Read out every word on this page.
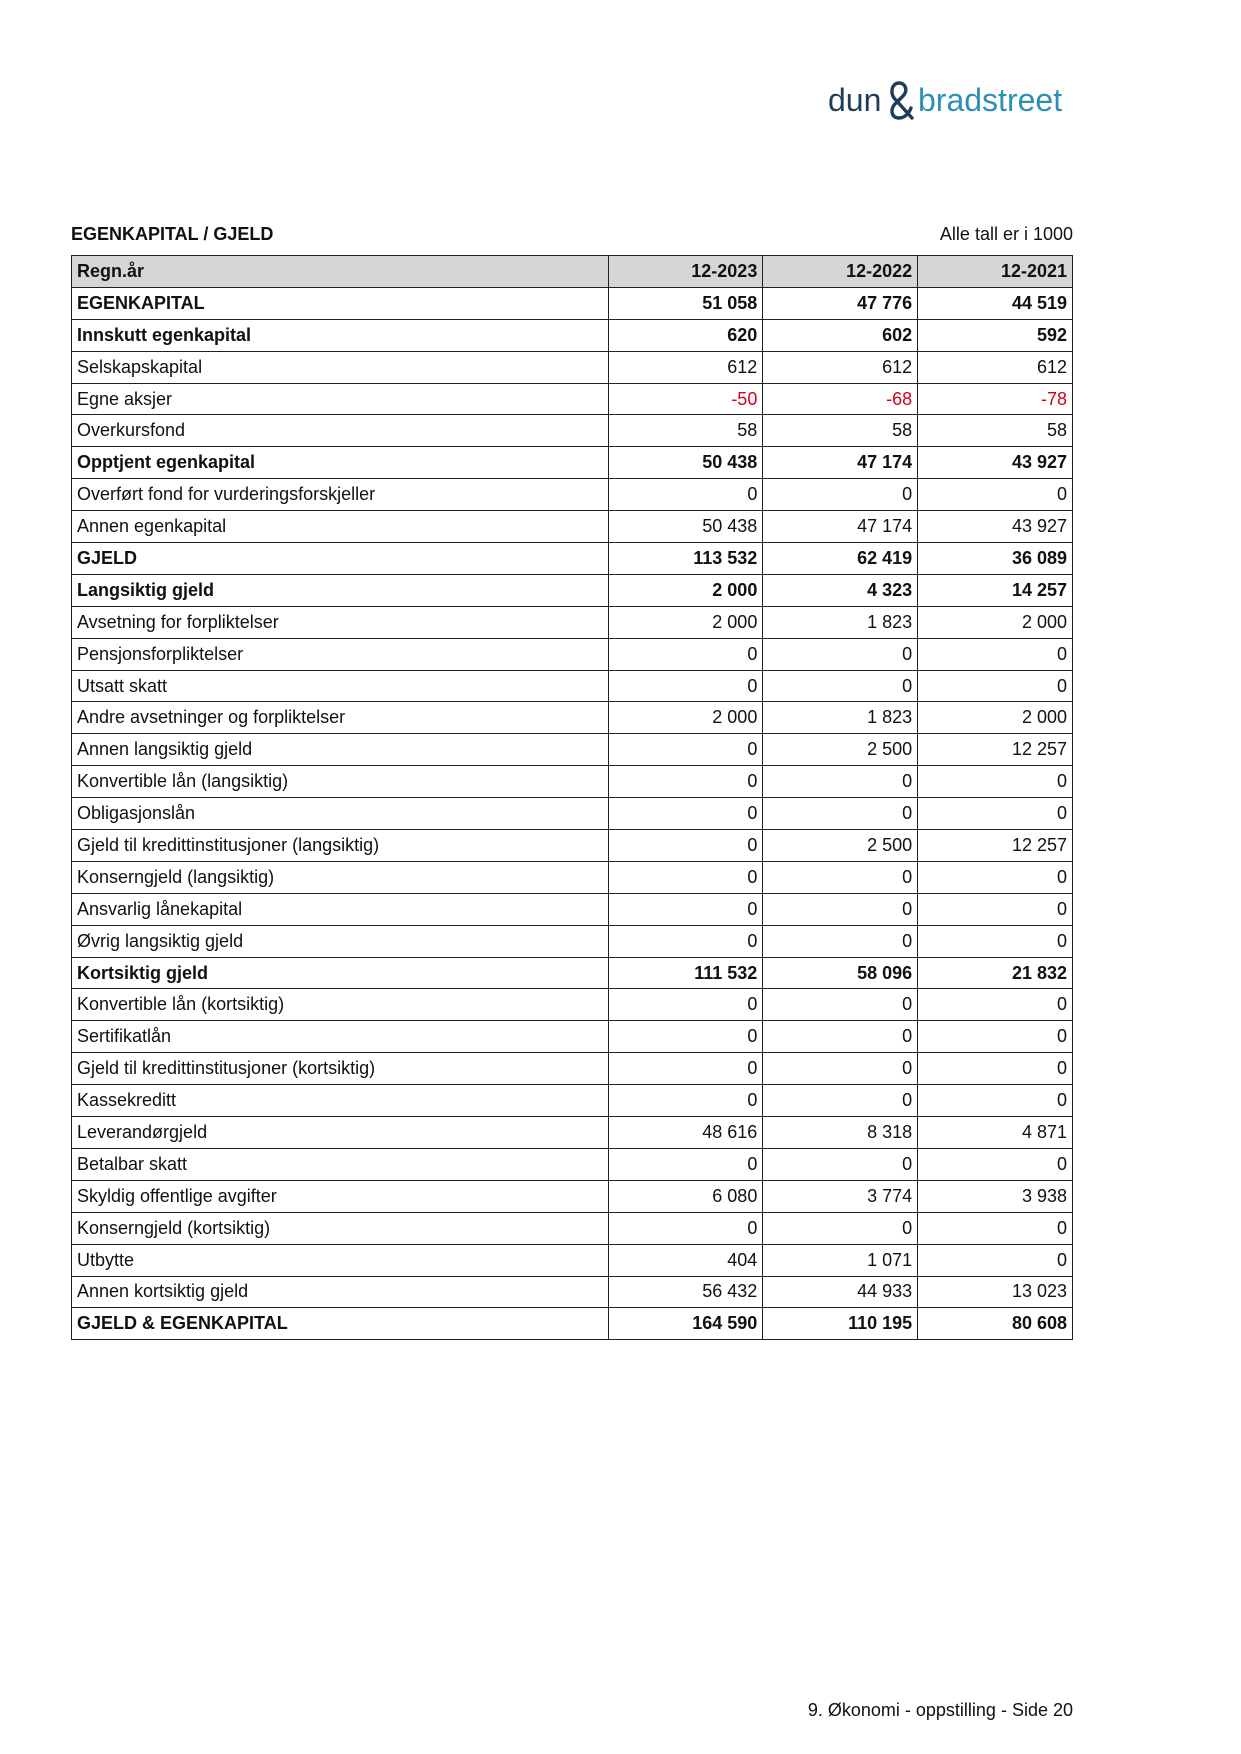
dun bradstreet
EGENKAPITAL / GJELD	Alle tall er i 1000
Regn.år	12-2023	12-2022	12-2021
EGENKAPITAL	51 058	47 776	44 519
Innskutt egenkapital	620	602	592
Selskapskapital	612	612	612
Egne aksjer	-50	-68	-78
Overkursfond	58	58	58
Opptjent egenkapital	50 438	47 174	43 927
Overført fond for vurderingsforskjeller	0	0	0
Annen egenkapital	50 438	47 174	43 927
GJELD	113 532	62 419	36 089
Langsiktig gjeld	2 000	4 323	14 257
Avsetning for forpliktelser	2 000	1 823	2 000
Pensjonsforpliktelser	0	0	0
Utsatt skatt	0	0	0
Andre avsetninger og forpliktelser	2 000	1 823	2 000
Annen langsiktig gjeld	0	2 500	12 257
Konvertible lån (langsiktig)	0	0	0
Obligasjonslån	0	0	0
Gjeld til kredittinstitusjoner (langsiktig)	0	2 500	12 257
Konserngjeld (langsiktig)	0	0	0
Ansvarlig lånekapital	0	0	0
Øvrig langsiktig gjeld	0	0	0
Kortsiktig gjeld	111 532	58 096	21 832
Konvertible lån (kortsiktig)	0	0	0
Sertifikatlån	0	0	0
Gjeld til kredittinstitusjoner (kortsiktig)	0	0	0
Kassekreditt	0	0	0
Leverandørgjeld	48 616	8 318	4 871
Betalbar skatt	0	0	0
Skyldig offentlige avgifter	6 080	3 774	3 938
Konserngjeld (kortsiktig)	0	0	0
Utbytte	404	1 071	0
Annen kortsiktig gjeld	56 432	44 933	13 023
GJELD & EGENKAPITAL	164 590	110 195	80 608
9. Økonomi - oppstilling - Side 20
